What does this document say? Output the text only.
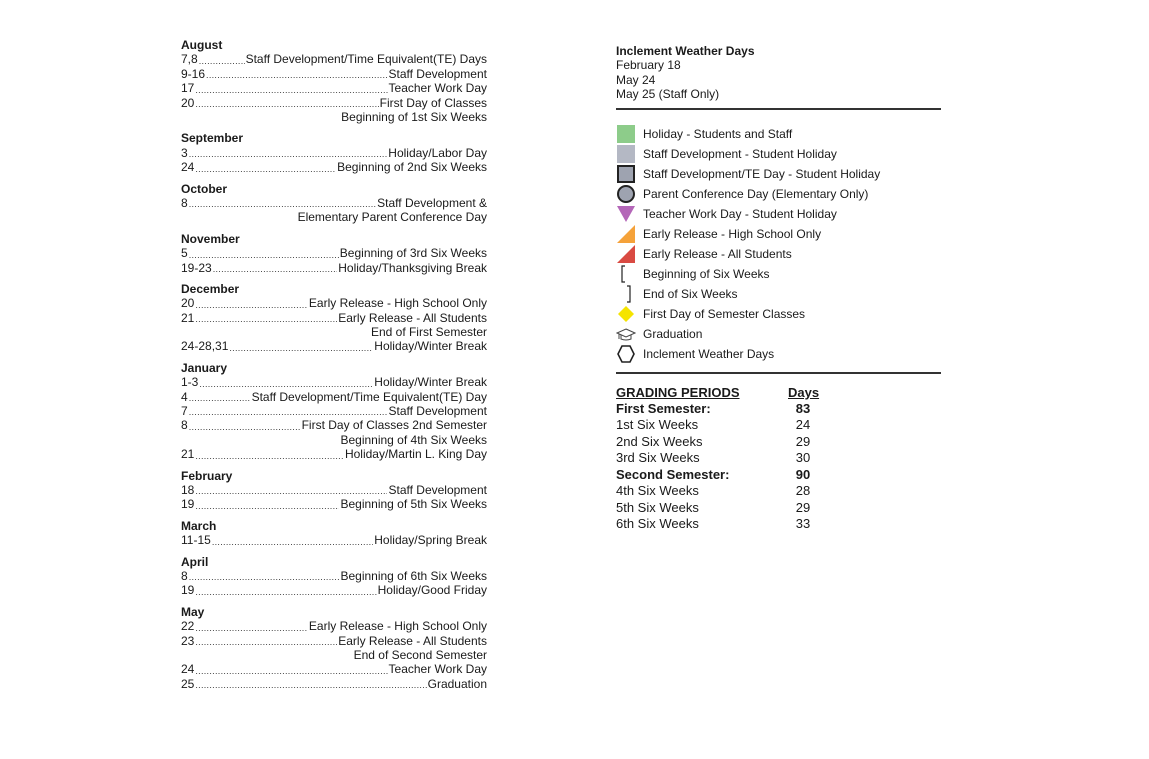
August
7,8 .....	Staff Development/Time Equivalent(TE) Days
9-16 .....	Staff Development
17 .....	Teacher Work Day
20 .....	First Day of Classes
Beginning of 1st Six Weeks
September
3 .....	Holiday/Labor Day
24 .....	Beginning of 2nd Six Weeks
October
8 .....	Staff Development &
Elementary Parent Conference Day
November
5 .....	Beginning of 3rd Six Weeks
19-23 .....	Holiday/Thanksgiving Break
December
20 .....	Early Release - High School Only
21 .....	Early Release - All Students
End of First Semester
24-28,31 .....	Holiday/Winter Break
January
1-3 .....	Holiday/Winter Break
4 .....	Staff Development/Time Equivalent(TE) Day
7 .....	Staff Development
8 .....	First Day of Classes 2nd Semester
Beginning of 4th Six Weeks
21 .....	Holiday/Martin L. King Day
February
18 .....	Staff Development
19 .....	Beginning of 5th Six Weeks
March
11-15 .....	Holiday/Spring Break
April
8 .....	Beginning of 6th Six Weeks
19 .....	Holiday/Good Friday
May
22 .....	Early Release - High School Only
23 .....	Early Release - All Students
End of Second Semester
24 .....	Teacher Work Day
25 .....	Graduation
Inclement Weather Days
February 18
May 24
May 25 (Staff Only)
Holiday - Students and Staff
Staff Development - Student Holiday
Staff Development/TE Day - Student Holiday
Parent Conference Day (Elementary Only)
Teacher Work Day - Student Holiday
Early Release - High School Only
Early Release - All Students
Beginning of Six Weeks
End of Six Weeks
First Day of Semester Classes
Graduation
Inclement Weather Days
GRADING PERIODS	Days
First Semester:	83
1st Six Weeks	24
2nd Six Weeks	29
3rd Six Weeks	30
Second Semester:	90
4th Six Weeks	28
5th Six Weeks	29
6th Six Weeks	33
